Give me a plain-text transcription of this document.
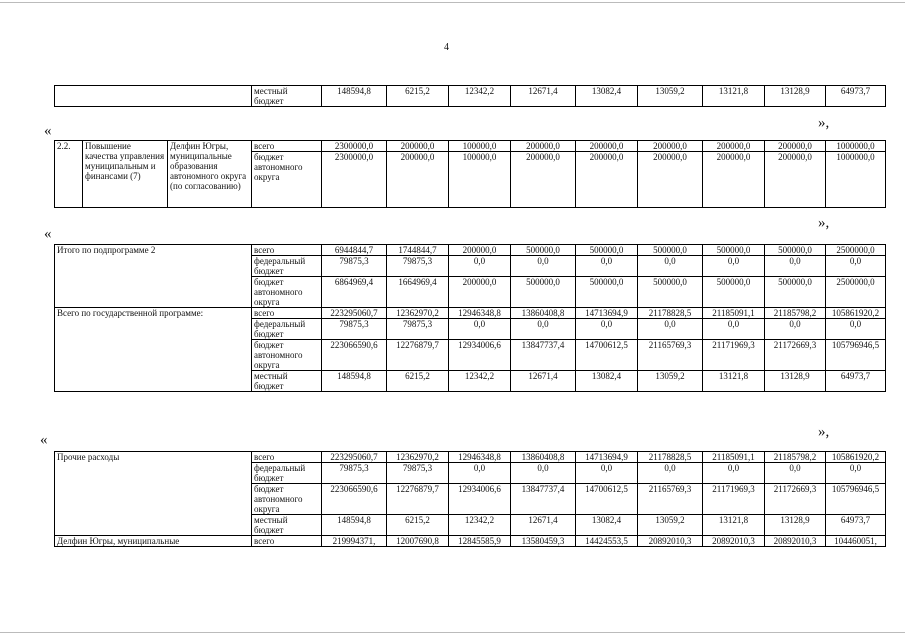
4
	местный бюджет	148594,8	6215,2	12342,2	12671,4	13082,4	13059,2	13121,8	13128,9	64973,7
«	»,
2.2.	Повышение качества управления муниципальным и финансами (7)	Делфин Югры, муниципальные образования автономного округа (по согласованию)	всего	2300000,0	200000,0	100000,0	200000,0	200000,0	200000,0	200000,0	200000,0	1000000,0
			бюджет автономного округа	2300000,0	200000,0	100000,0	200000,0	200000,0	200000,0	200000,0	200000,0	1000000,0
«
»,
Итого по подпрограмме 2	всего	6944844,7	1744844,7	200000,0	500000,0	500000,0	500000,0	500000,0	500000,0	2500000,0
	федеральный бюджет	79875,3	79875,3	0,0	0,0	0,0	0,0	0,0	0,0	0,0
	бюджет автономного округа	6864969,4	1664969,4	200000,0	500000,0	500000,0	500000,0	500000,0	500000,0	2500000,0
Всего по государственной программе:	всего	223295060,7	12362970,2	12946348,8	13860408,8	14713694,9	21178828,5	21185091,1	21185798,2	105861920,2
	федеральный бюджет	79875,3	79875,3	0,0	0,0	0,0	0,0	0,0	0,0	0,0
	бюджет автономного округа	223066590,6	12276879,7	12934006,6	13847737,4	14700612,5	21165769,3	21171969,3	21172669,3	105796946,5
	местный бюджет	148594,8	6215,2	12342,2	12671,4	13082,4	13059,2	13121,8	13128,9	64973,7
«	»,
Прочие расходы	всего	223295060,7	12362970,2	12946348,8	13860408,8	14713694,9	21178828,5	21185091,1	21185798,2	105861920,2
	федеральный бюджет	79875,3	79875,3	0,0	0,0	0,0	0,0	0,0	0,0	0,0
	бюджет автономного округа	223066590,6	12276879,7	12934006,6	13847737,4	14700612,5	21165769,3	21171969,3	21172669,3	105796946,5
	местный бюджет	148594,8	6215,2	12342,2	12671,4	13082,4	13059,2	13121,8	13128,9	64973,7
Делфин Югры, муниципальные	всего	219994371,	12007690,8	12845585,9	13580459,3	14424553,5	20892010,3	20892010,3	20892010,3	104460051,
